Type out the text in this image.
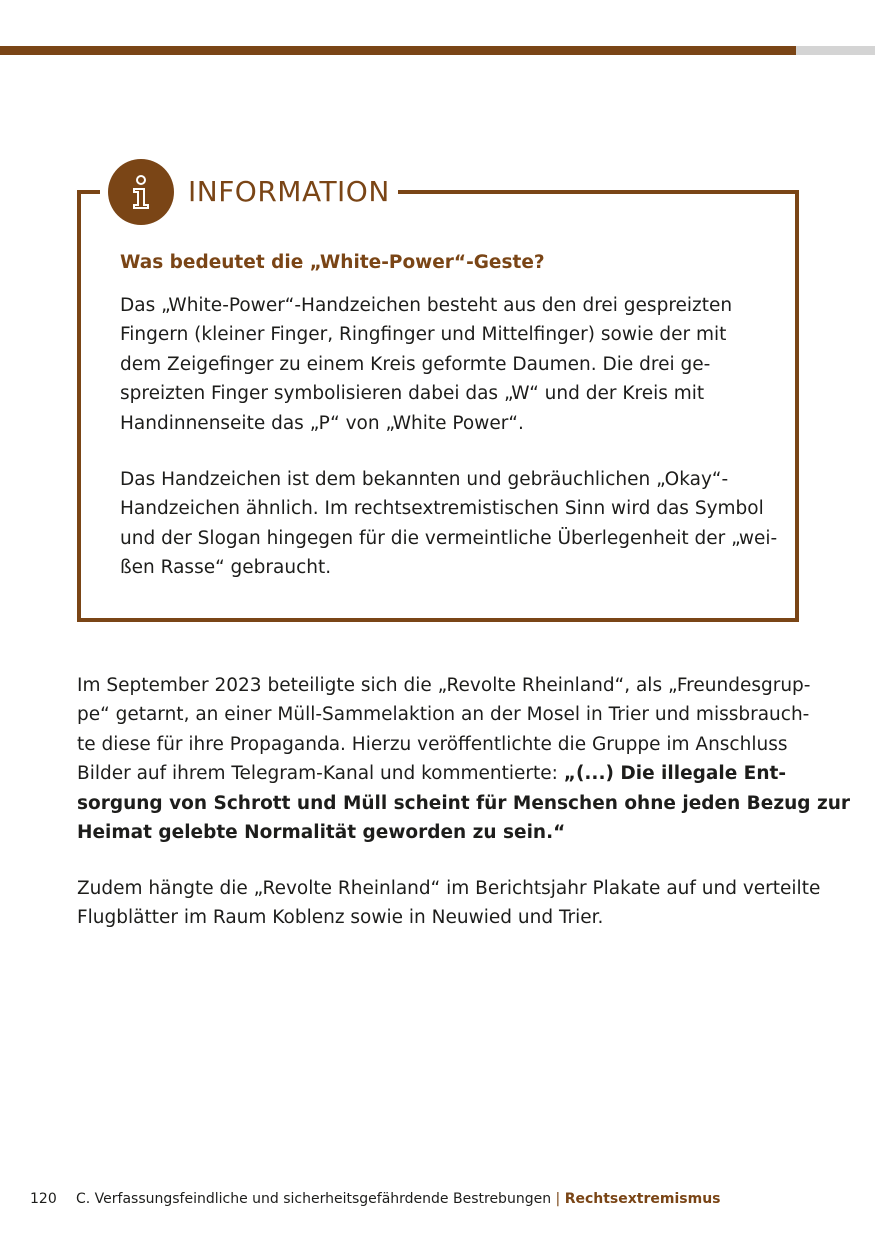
INFORMATION
Was bedeutet die „White-Power“-Geste?

Das „White-Power“-Handzeichen besteht aus den drei gespreizten
Fingern (kleiner Finger, Ringfinger und Mittelfinger) sowie der mit
dem Zeigefinger zu einem Kreis geformte Daumen. Die drei ge-
spreizten Finger symbolisieren dabei das „W“ und der Kreis mit
Handinnenseite das „P“ von „White Power“.

Das Handzeichen ist dem bekannten und gebräuchlichen „Okay“-
Handzeichen ähnlich. Im rechtsextremistischen Sinn wird das Symbol
und der Slogan hingegen für die vermeintliche Überlegenheit der „wei-
ßen Rasse“ gebraucht.

Im September 2023 beteiligte sich die „Revolte Rheinland“, als „Freundesgrup-
pe“ getarnt, an einer Müll-Sammelaktion an der Mosel in Trier und missbrauch-
te diese für ihre Propaganda. Hierzu veröffentlichte die Gruppe im Anschluss
Bilder auf ihrem Telegram-Kanal und kommentierte: „(...) Die illegale Ent-
sorgung von Schrott und Müll scheint für Menschen ohne jeden Bezug zur
Heimat gelebte Normalität geworden zu sein.“

Zudem hängte die „Revolte Rheinland“ im Berichtsjahr Plakate auf und verteilte
Flugblätter im Raum Koblenz sowie in Neuwied und Trier.

120 C. Verfassungsfeindliche und sicherheitsgefährdende Bestrebungen | Rechtsextremismus
